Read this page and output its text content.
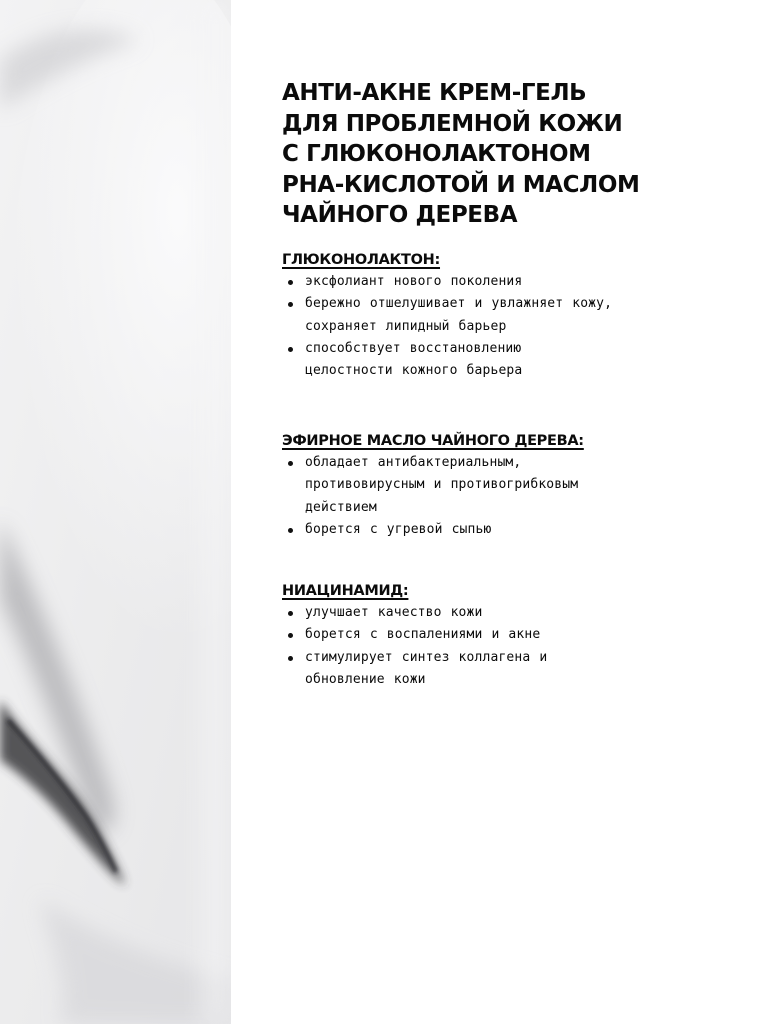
АНТИ-АКНЕ КРЕМ-ГЕЛЬ
ДЛЯ ПРОБЛЕМНОЙ КОЖИ
С ГЛЮКОНОЛАКТОНОМ
PHA-КИСЛОТОЙ И МАСЛОМ
ЧАЙНОГО ДЕРЕВА
ГЛЮКОНОЛАКТОН:
эксфолиант нового поколения
бережно отшелушивает и увлажняет кожу, сохраняет липидный барьер
способствует восстановлению целостности кожного барьера
ЭФИРНОЕ МАСЛО ЧАЙНОГО ДЕРЕВА:
обладает антибактериальным, противовирусным и противогрибковым действием
борется с угревой сыпью
НИАЦИНАМИД:
улучшает качество кожи
борется с воспалениями и акне
стимулирует синтез коллагена и обновление кожи
